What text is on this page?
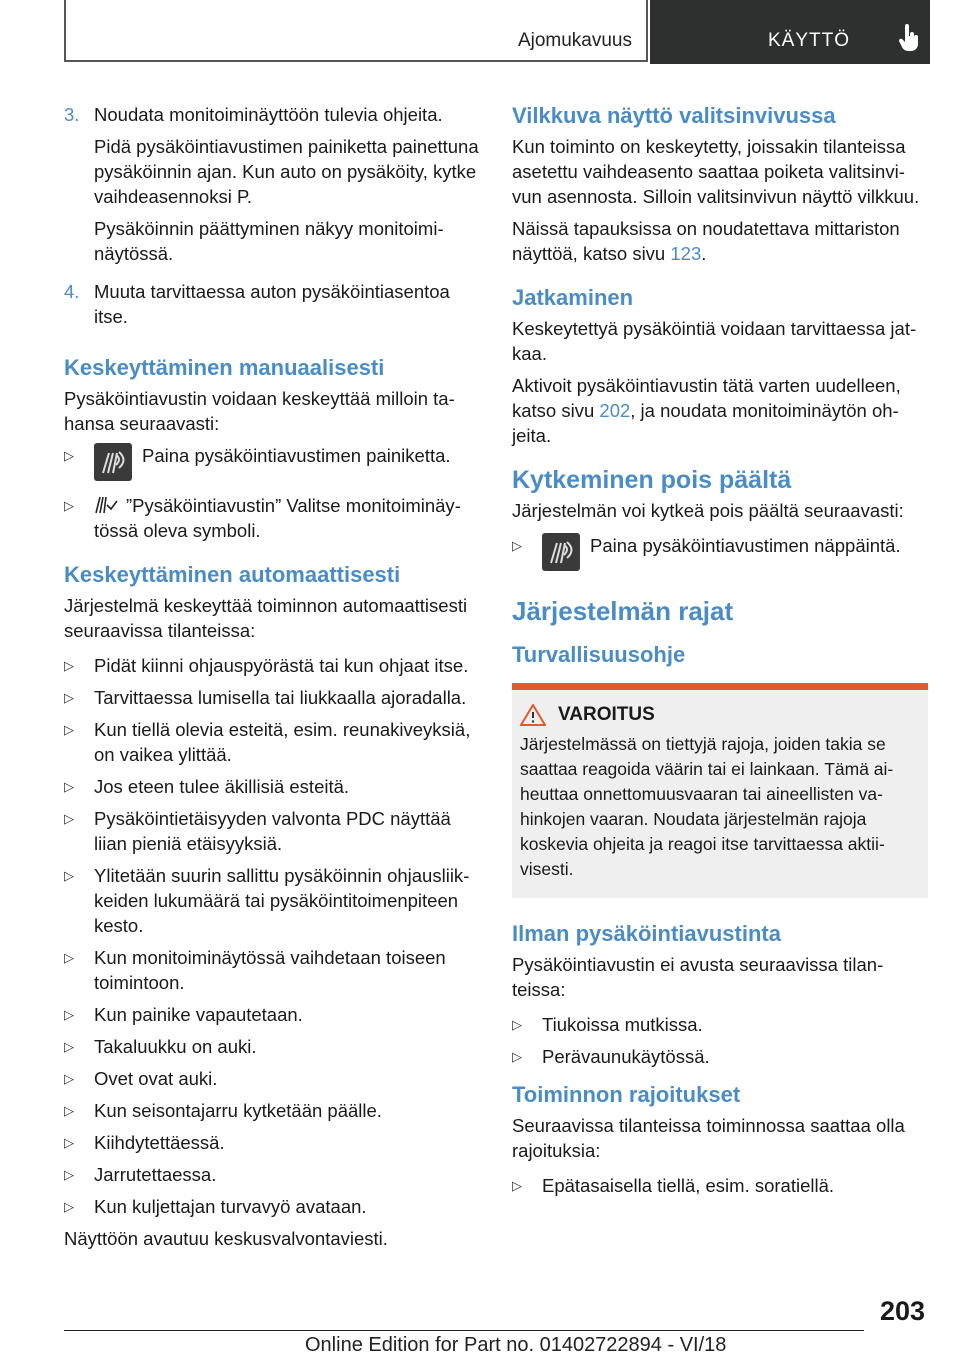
Ajomukavuus	KÄYTTÖ
3. Noudata monitoiminäyttöön tulevia ohjeita.

Pidä pysäköintiavustimen painiketta painettuna pysäköinnin ajan. Kun auto on pysäköity, kytke vaihdeasennoksi P.

Pysäköinnin päättyminen näkyy monitoiminäytössä.

4. Muuta tarvittaessa auton pysäköintiasentoa itse.

Keskeyttäminen manuaalisesti

Pysäköintiavustin voidaan keskeyttää milloin tahansa seuraavasti:

▷	Paina pysäköintiavustimen painiketta.
▷	”Pysäköintiavustin” Valitse monitoiminäytössä oleva symboli.
Keskeyttäminen automaattisesti

Järjestelmä keskeyttää toiminnon automaattisesti seuraavissa tilanteissa:

▷	Pidät kiinni ohjauspyörästä tai kun ohjaat itse.
▷	Tarvittaessa lumisella tai liukkaalla ajoradalla.
▷	Kun tiellä olevia esteitä, esim. reunakiveyksiä, on vaikea ylittää.
▷	Jos eteen tulee äkillisiä esteitä.
▷	Pysäköintietäisyyden valvonta PDC näyttää liian pieniä etäisyyksiä.
▷	Ylitetään suurin sallittu pysäköinnin ohjausliikkeiden lukumäärä tai pysäköintitoimenpiteen kesto.
▷	Kun monitoiminäytössä vaihdetaan toiseen toimintoon.
▷	Kun painike vapautetaan.
▷	Takaluukku on auki.
▷	Ovet ovat auki.
▷	Kun seisontajarru kytketään päälle.
▷	Kiihdytettäessä.
▷	Jarrutettaessa.
▷	Kun kuljettajan turvavyö avataan.

Näyttöön avautuu keskusvalvontaviesti.

Vilkkuva näyttö valitsinvivussa

Kun toiminto on keskeytetty, joissakin tilanteissa asetettu vaihdeasento saattaa poiketa valitsinvivun asennosta. Silloin valitsinvivun näyttö vilkkuu.

Näissä tapauksissa on noudatettava mittariston näyttöä, katso sivu 123.

Jatkaminen

Keskeytettyä pysäköintiä voidaan tarvittaessa jatkaa.

Aktivoit pysäköintiavustin tätä varten uudelleen, katso sivu 202, ja noudata monitoiminäytön ohjeita.

Kytkeminen pois päältä

Järjestelmän voi kytkeä pois päältä seuraavasti:

▷	Paina pysäköintiavustimen näppäintä.
Järjestelmän rajat
Turvallisuusohje
VAROITUS

Järjestelmässä on tiettyjä rajoja, joiden takia se saattaa reagoida väärin tai ei lainkaan. Tämä aiheuttaa onnettomuusvaaran tai aineellisten vahinkojen vaaran. Noudata järjestelmän rajoja koskevia ohjeita ja reagoi itse tarvittaessa aktiivisesti.

Ilman pysäköintiavustinta

Pysäköintiavustin ei avusta seuraavissa tilanteissa:

▷	Tiukoissa mutkissa.
▷	Perävaunukäytössä.
Toiminnon rajoitukset

Seuraavissa tilanteissa toiminnossa saattaa olla rajoituksia:

▷	Epätasaisella tiellä, esim. soratiellä.
203
Online Edition for Part no. 01402722894 - VI/18
